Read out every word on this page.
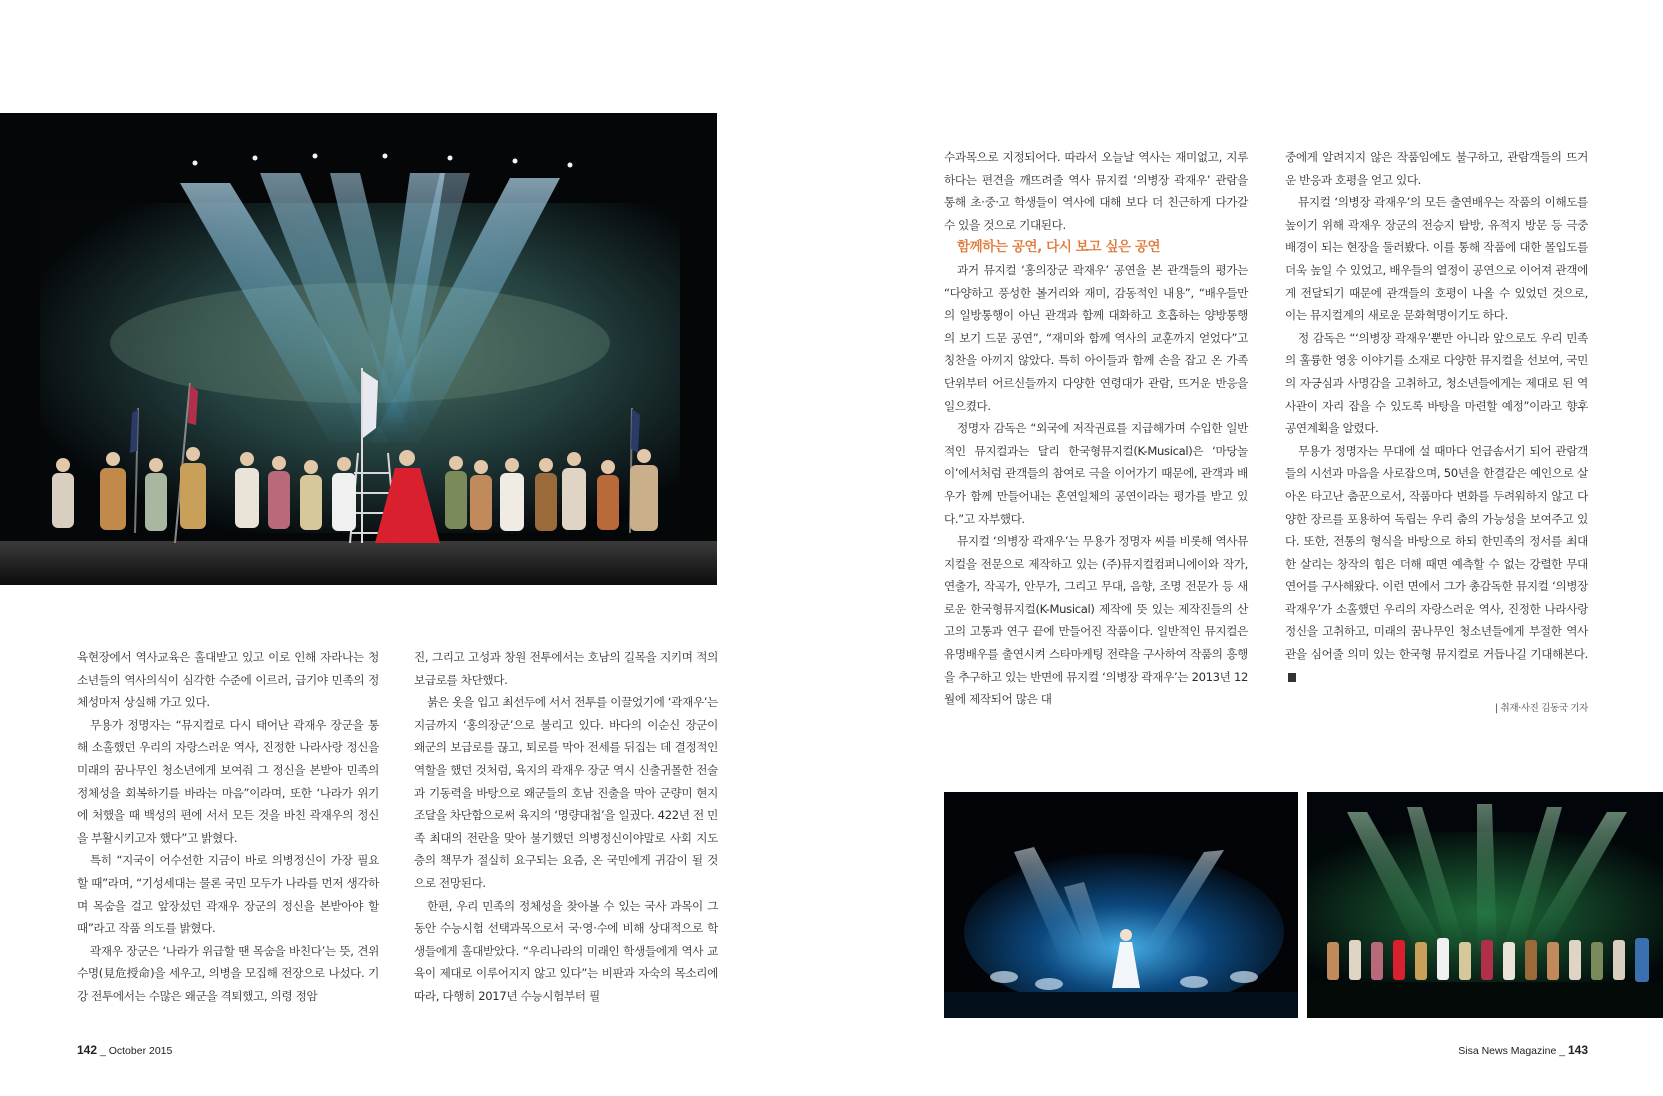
육현장에서 역사교육은 홀대받고 있고 이로 인해 자라나는 청소년들의 역사의식이 심각한 수준에 이르러, 급기야 민족의 정체성마저 상실해 가고 있다.

무용가 정명자는 “뮤지컬로 다시 태어난 곽재우 장군을 통해 소홀했던 우리의 자랑스러운 역사, 진정한 나라사랑 정신을 미래의 꿈나무인 청소년에게 보여줘 그 정신을 본받아 민족의 정체성을 회복하기를 바라는 마음”이라며, 또한 ‘나라가 위기에 처했을 때 백성의 편에 서서 모든 것을 바친 곽재우의 정신을 부활시키고자 했다”고 밝혔다.

특히 “지국이 어수선한 지금이 바로 의병정신이 가장 필요할 때”라며, “기성세대는 물론 국민 모두가 나라를 먼저 생각하며 목숨을 걸고 앞장섰던 곽재우 장군의 정신을 본받아야 할 때”라고 작품 의도를 밝혔다.

곽재우 장군은 ‘나라가 위급할 땐 목숨을 바친다’는 뜻, 견위수명(見危授命)을 세우고, 의병을 모집해 전장으로 나섰다. 기강 전투에서는 수많은 왜군을 격퇴했고, 의령 정암

진, 그리고 고성과 창원 전투에서는 호남의 길목을 지키며 적의 보급로를 차단했다.

붉은 옷을 입고 최선두에 서서 전투를 이끌었기에 ‘곽재우’는 지금까지 ‘홍의장군’으로 불리고 있다. 바다의 이순신 장군이 왜군의 보급로를 끊고, 퇴로를 막아 전세를 뒤집는 데 결정적인 역할을 했던 것처럼, 육지의 곽재우 장군 역시 신출귀몰한 전술과 기동력을 바탕으로 왜군들의 호남 진출을 막아 군량미 현지조달을 차단함으로써 육지의 ‘명량대첩’을 일궜다. 422년 전 민족 최대의 전란을 맞아 불기했던 의병정신이야말로 사회 지도층의 책무가 절실히 요구되는 요즘, 온 국민에게 귀감이 될 것으로 전망된다.

한편, 우리 민족의 정체성을 찾아볼 수 있는 국사 과목이 그동안 수능시험 선택과목으로서 국·영·수에 비해 상대적으로 학생들에게 홀대받았다. “우리나라의 미래인 학생들에게 역사 교육이 제대로 이루어지지 않고 있다”는 비판과 자숙의 목소리에 따라, 다행히 2017년 수능시험부터 필

수과목으로 지정되어다. 따라서 오늘날 역사는 재미없고, 지루하다는 편견을 깨뜨려줄 역사 뮤지컬 ‘의병장 곽재우’ 관람을 통해 초·중·고 학생들이 역사에 대해 보다 더 친근하게 다가갈 수 있을 것으로 기대된다.

함께하는 공연, 다시 보고 싶은 공연

과거 뮤지컬 ‘홍의장군 곽재우’ 공연을 본 관객들의 평가는 “다양하고 풍성한 볼거리와 재미, 감동적인 내용”, “배우들만의 일방통행이 아닌 관객과 함께 대화하고 호흡하는 양방통행의 보기 드문 공연”, “재미와 함께 역사의 교훈까지 얻었다”고 칭찬을 아끼지 않았다. 특히 아이들과 함께 손을 잡고 온 가족단위부터 어르신들까지 다양한 연령대가 관람, 뜨거운 반응을 일으켰다.

정명자 감독은 “외국에 저작권료를 지급해가며 수입한 일반적인 뮤지컬과는 달리 한국형뮤지컬(K-Musical)은 ‘마당놀이’에서처럼 관객들의 참여로 극을 이어가기 때문에, 관객과 배우가 함께 만들어내는 혼연일체의 공연이라는 평가를 받고 있다.”고 자부했다.

뮤지컬 ‘의병장 곽재우’는 무용가 정명자 씨를 비롯해 역사뮤지컬을 전문으로 제작하고 있는 (주)뮤지컬컴퍼니에이와 작가, 연출가, 작곡가, 안무가, 그리고 무대, 음향, 조명 전문가 등 새로운 한국형뮤지컬(K-Musical) 제작에 뜻 있는 제작진들의 산고의 고통과 연구 끝에 만들어진 작품이다. 일반적인 뮤지컬은 유명배우를 출연시켜 스타마케팅 전략을 구사하여 작품의 흥행을 추구하고 있는 반면에 뮤지컬 ‘의병장 곽재우’는 2013년 12월에 제작되어 많은 대

중에게 알려지지 않은 작품임에도 불구하고, 관람객들의 뜨거운 반응과 호평을 얻고 있다.

뮤지컬 ‘의병장 곽재우’의 모든 출연배우는 작품의 이해도를 높이기 위해 곽재우 장군의 전승지 탐방, 유적지 방문 등 극중 배경이 되는 현장을 둘러봤다. 이를 통해 작품에 대한 몰입도를 더욱 높일 수 있었고, 배우들의 열정이 공연으로 이어져 관객에게 전달되기 때문에 관객들의 호평이 나올 수 있었던 것으로, 이는 뮤지컬계의 새로운 문화혁명이기도 하다.

정 감독은 “‘의병장 곽재우’뿐만 아니라 앞으로도 우리 민족의 훌륭한 영웅 이야기를 소재로 다양한 뮤지컬을 선보여, 국민의 자긍심과 사명감을 고취하고, 청소년들에게는 제대로 된 역사관이 자리 잡을 수 있도록 바탕을 마련할 예정”이라고 향후 공연계획을 알렸다.

무용가 정명자는 무대에 설 때마다 언급솜서기 되어 관람객들의 시선과 마음을 사로잡으며, 50년을 한결같은 예인으로 살아온 타고난 춤꾼으로서, 작품마다 변화를 두려워하지 않고 다양한 장르를 포용하여 독립는 우리 춤의 가능성을 보여주고 있다. 또한, 전통의 형식을 바탕으로 하되 한민족의 정서를 최대한 살리는 창작의 힘은 더해 때면 예측할 수 없는 강렬한 무대 연어를 구사해왔다. 이런 면에서 그가 총감독한 뮤지컬 ‘의병장 곽재우’가 소홀했던 우리의 자랑스러운 역사, 진정한 나라사랑 정신을 고취하고, 미래의 꿈나무인 청소년들에게 부절한 역사관을 심어줄 의미 있는 한국형 뮤지컬로 거듭나길 기대해본다.

| 취재·사진 김동국 기자
142 _ October 2015	Sisa News Magazine _ 143
